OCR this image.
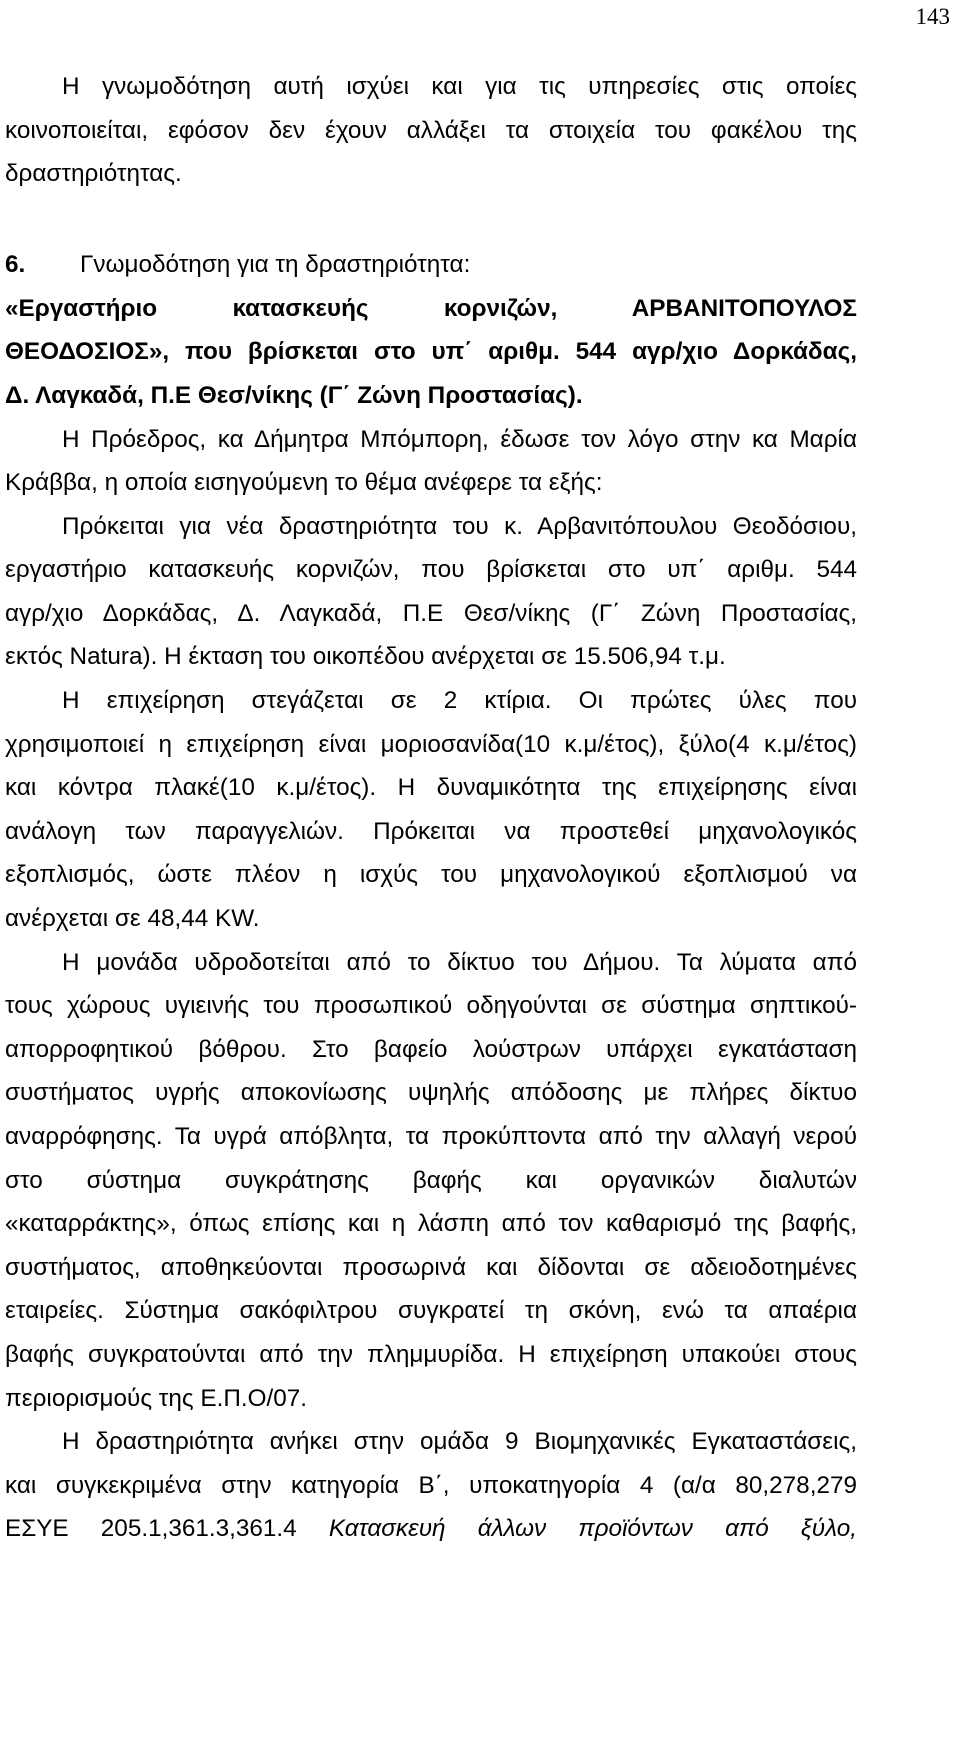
143
Η γνωμοδότηση αυτή ισχύει και για τις υπηρεσίες στις οποίες
κοινοποιείται, εφόσον δεν έχουν αλλάξει τα στοιχεία του φακέλου της
δραστηριότητας.
6. Γνωμοδότηση για τη δραστηριότητα:
«Εργαστήριο κατασκευής κορνιζών, ΑΡΒΑΝΙΤΟΠΟΥΛΟΣ
ΘΕΟΔΟΣΙΟΣ», που βρίσκεται στο υπ΄ αριθμ. 544 αγρ/χιο Δορκάδας,
Δ. Λαγκαδά, Π.Ε Θεσ/νίκης (Γ΄ Ζώνη Προστασίας).
Η Πρόεδρος, κα Δήμητρα Μπόμπορη, έδωσε τον λόγο στην κα Μαρία
Κράββα, η οποία εισηγούμενη το θέμα ανέφερε τα εξής:
Πρόκειται για νέα δραστηριότητα του κ. Αρβανιτόπουλου Θεοδόσιου,
εργαστήριο κατασκευής κορνιζών, που βρίσκεται στο υπ΄ αριθμ. 544
αγρ/χιο Δορκάδας, Δ. Λαγκαδά, Π.Ε Θεσ/νίκης (Γ΄ Ζώνη Προστασίας,
εκτός Natura). Η έκταση του οικοπέδου ανέρχεται σε 15.506,94 τ.μ.
Η επιχείρηση στεγάζεται σε 2 κτίρια. Οι πρώτες ύλες που
χρησιμοποιεί η επιχείρηση είναι μοριοσανίδα(10 κ.μ/έτος), ξύλο(4 κ.μ/έτος)
και κόντρα πλακέ(10 κ.μ/έτος). Η δυναμικότητα της επιχείρησης είναι
ανάλογη των παραγγελιών. Πρόκειται να προστεθεί μηχανολογικός
εξοπλισμός, ώστε πλέον η ισχύς του μηχανολογικού εξοπλισμού να
ανέρχεται σε 48,44 KW.
Η μονάδα υδροδοτείται από το δίκτυο του Δήμου. Τα λύματα από
τους χώρους υγιεινής του προσωπικού οδηγούνται σε σύστημα σηπτικού-
απορροφητικού βόθρου. Στο βαφείο λούστρων υπάρχει εγκατάσταση
συστήματος υγρής αποκονίωσης υψηλής απόδοσης με πλήρες δίκτυο
αναρρόφησης. Τα υγρά απόβλητα, τα προκύπτοντα από την αλλαγή νερού
στο σύστημα συγκράτησης βαφής και οργανικών διαλυτών
«καταρράκτης», όπως επίσης και η λάσπη από τον καθαρισμό της βαφής,
συστήματος, αποθηκεύονται προσωρινά και δίδονται σε αδειοδοτημένες
εταιρείες. Σύστημα σακόφιλτρου συγκρατεί τη σκόνη, ενώ τα απαέρια
βαφής συγκρατούνται από την πλημμυρίδα. Η επιχείρηση υπακούει στους
περιορισμούς της Ε.Π.Ο/07.
Η δραστηριότητα ανήκει στην ομάδα 9 Βιομηχανικές Εγκαταστάσεις,
και συγκεκριμένα στην κατηγορία Β΄, υποκατηγορία 4 (α/α 80,278,279
ΕΣΥΕ 205.1,361.3,361.4 Κατασκευή άλλων προϊόντων από ξύλο,
